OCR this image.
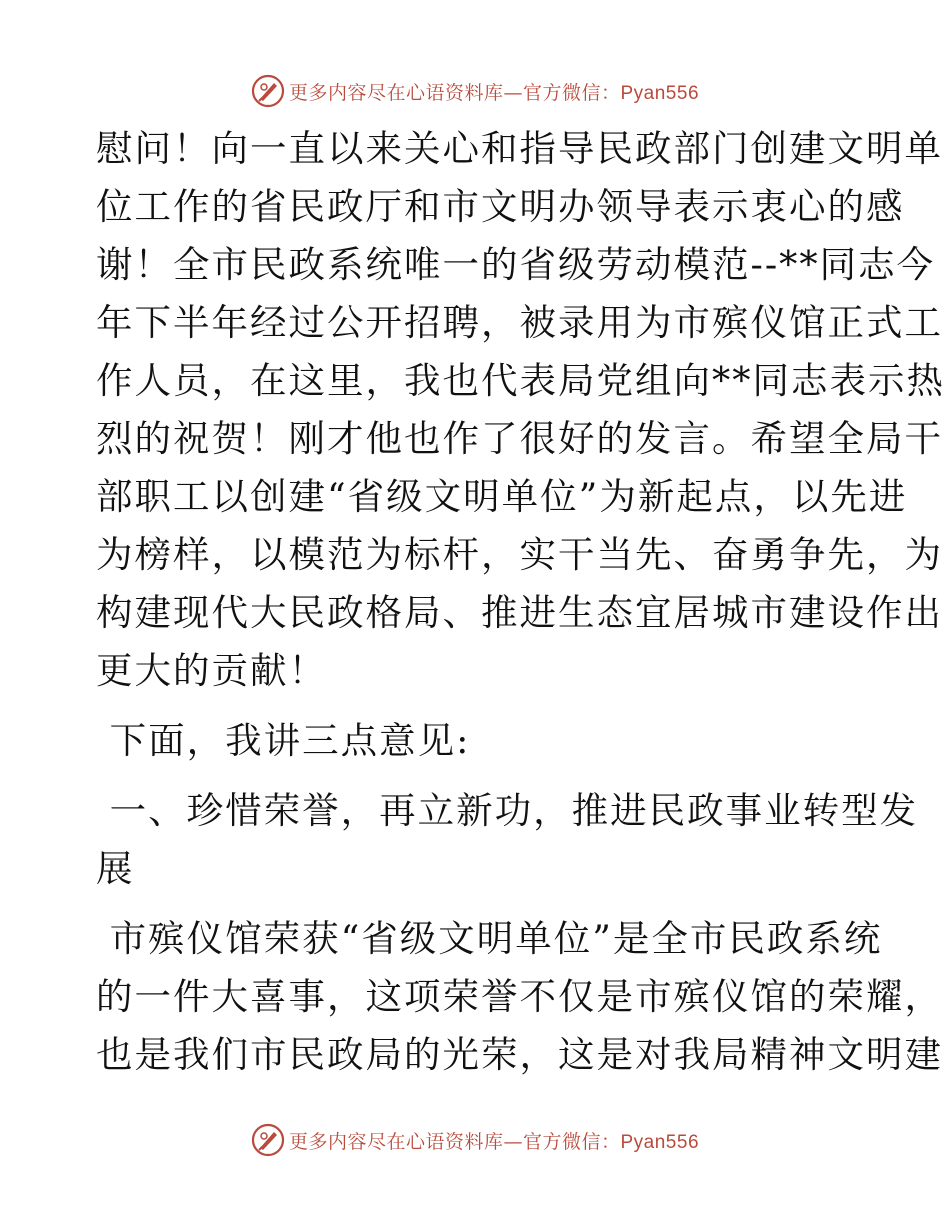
更多内容尽在心语资料库—官方微信：Pyan556
慰问！向一直以来关心和指导民政部门创建文明单
位工作的省民政厅和市文明办领导表示衷心的感
谢！全市民政系统唯一的省级劳动模范--**同志今
年下半年经过公开招聘，被录用为市殡仪馆正式工
作人员，在这里，我也代表局党组向**同志表示热
烈的祝贺！刚才他也作了很好的发言。希望全局干
部职工以创建“省级文明单位”为新起点，以先进
为榜样，以模范为标杆，实干当先、奋勇争先，为
构建现代大民政格局、推进生态宜居城市建设作出
更大的贡献！
下面，我讲三点意见:
一、珍惜荣誉，再立新功，推进民政事业转型发
展
市殡仪馆荣获“省级文明单位”是全市民政系统
的一件大喜事，这项荣誉不仅是市殡仪馆的荣耀，
也是我们市民政局的光荣，这是对我局精神文明建
更多内容尽在心语资料库—官方微信：Pyan556
